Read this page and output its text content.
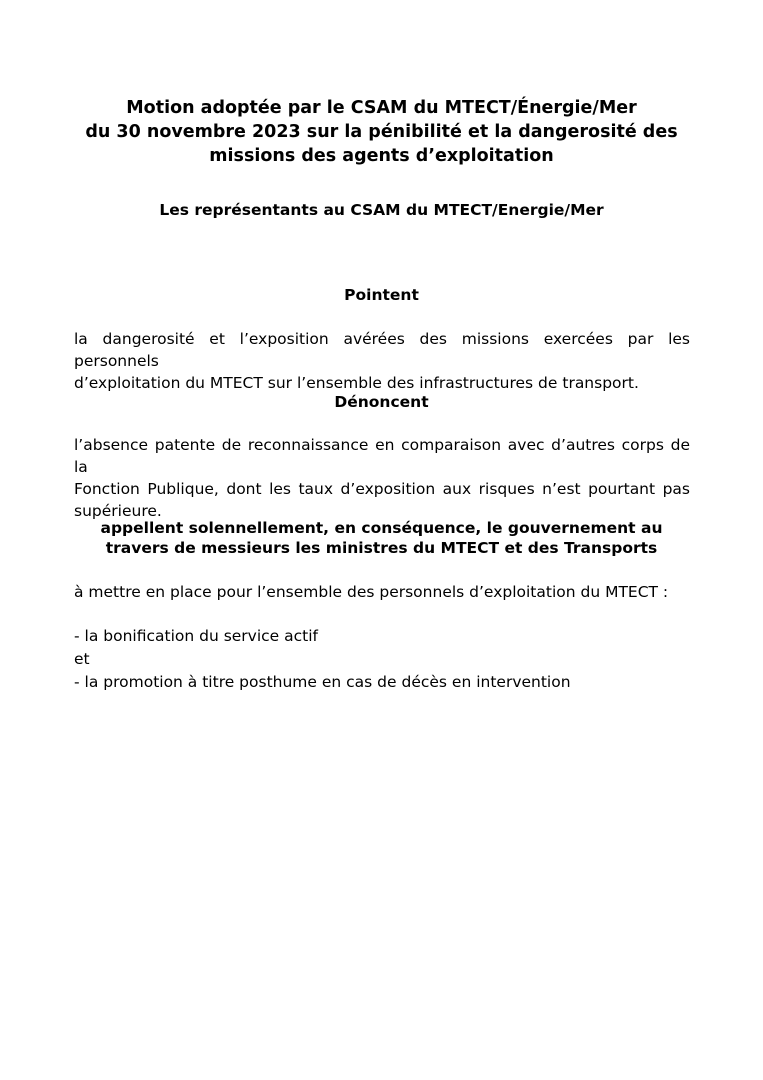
Motion adoptée par le CSAM du MTECT/Énergie/Mer
du 30 novembre 2023 sur la pénibilité et la dangerosité des
missions des agents d’exploitation
Les représentants au CSAM du MTECT/Energie/Mer
Pointent
la dangerosité et l’exposition avérées des missions exercées par les personnels
d’exploitation du MTECT sur l’ensemble des infrastructures de transport.
Dénoncent
l’absence patente de reconnaissance en comparaison avec d’autres corps de la
Fonction Publique, dont les taux d’exposition aux risques n’est pourtant pas
supérieure.
appellent solennellement, en conséquence, le gouvernement au
travers de messieurs les ministres du MTECT et des Transports
à mettre en place pour l’ensemble des personnels d’exploitation du MTECT :
- la bonification du service actif
et
- la promotion à titre posthume en cas de décès en intervention
